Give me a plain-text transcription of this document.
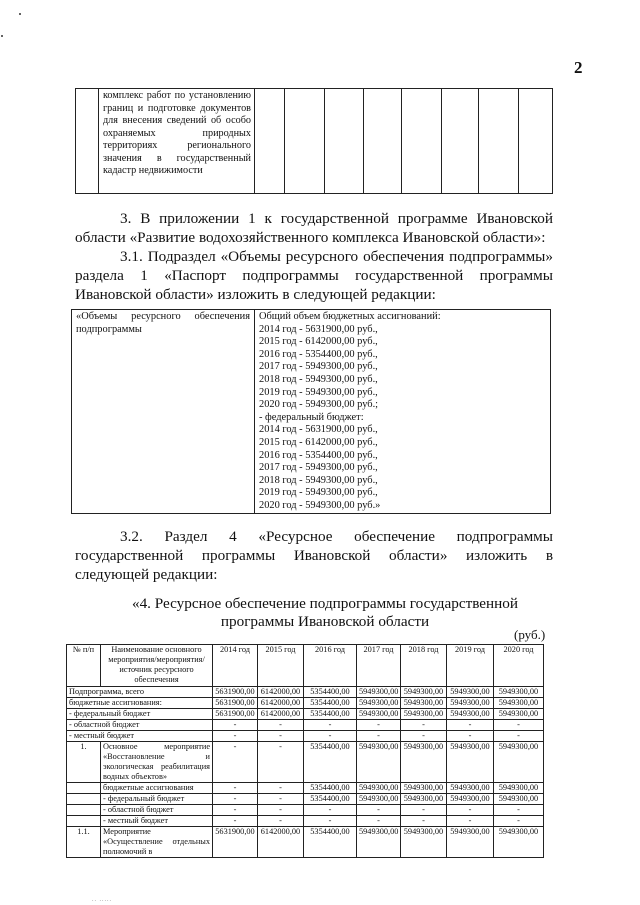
2
	комплекс работ по установлению границ и подготовке документов для внесения сведений об особо охраняемых природных территориях регионального значения в государственный кадастр недвижимости								
3. В приложении 1 к государственной программе Ивановской области «Развитие водохозяйственного комплекса Ивановской области»:
3.1. Подраздел «Объемы ресурсного обеспечения подпрограммы» раздела 1 «Паспорт подпрограммы государственной программы Ивановской области» изложить в следующей редакции:
«Объемы ресурсного обеспечения подпрограммы	
Общий объем бюджетных ассигнований:
2014 год - 5631900,00 руб.,
2015 год - 6142000,00 руб.,
2016 год - 5354400,00 руб.,
2017 год - 5949300,00 руб.,
2018 год - 5949300,00 руб.,
2019 год - 5949300,00 руб.,
2020 год - 5949300,00 руб.;
- федеральный бюджет:
2014 год - 5631900,00 руб.,
2015 год - 6142000,00 руб.,
2016 год - 5354400,00 руб.,
2017 год - 5949300,00 руб.,
2018 год - 5949300,00 руб.,
2019 год - 5949300,00 руб.,
2020 год - 5949300,00 руб.»
3.2. Раздел 4 «Ресурсное обеспечение подпрограммы государственной программы Ивановской области» изложить в следующей редакции:
«4. Ресурсное обеспечение подпрограммы государственной
программы Ивановской области
(руб.)
№ п/п	Наименование основного мероприятия/мероприятия/ источник ресурсного обеспечения	2014 год	2015 год	2016 год	2017 год	2018 год	2019 год	2020 год
Подпрограмма, всего		5631900,00	6142000,00	5354400,00	5949300,00	5949300,00	5949300,00	5949300,00
бюджетные ассигнования:		5631900,00	6142000,00	5354400,00	5949300,00	5949300,00	5949300,00	5949300,00
- федеральный бюджет		5631900,00	6142000,00	5354400,00	5949300,00	5949300,00	5949300,00	5949300,00
- областной бюджет		-	-	-	-	-	-	-
- местный бюджет		-	-	-	-	-	-	-
1.	Основное мероприятие «Восстановление и экологическая реабилитация водных объектов»	-	-	5354400,00	5949300,00	5949300,00	5949300,00	5949300,00
	бюджетные ассигнования	-	-	5354400,00	5949300,00	5949300,00	5949300,00	5949300,00
	- федеральный бюджет	-	-	5354400,00	5949300,00	5949300,00	5949300,00	5949300,00
	- областной бюджет	-	-	-	-	-	-	-
	- местный бюджет	-	-	-	-	-	-	-
1.1.	Мероприятие «Осуществление отдельных полномочий в	5631900,00	6142000,00	5354400,00	5949300,00	5949300,00	5949300,00	5949300,00
.. .....
